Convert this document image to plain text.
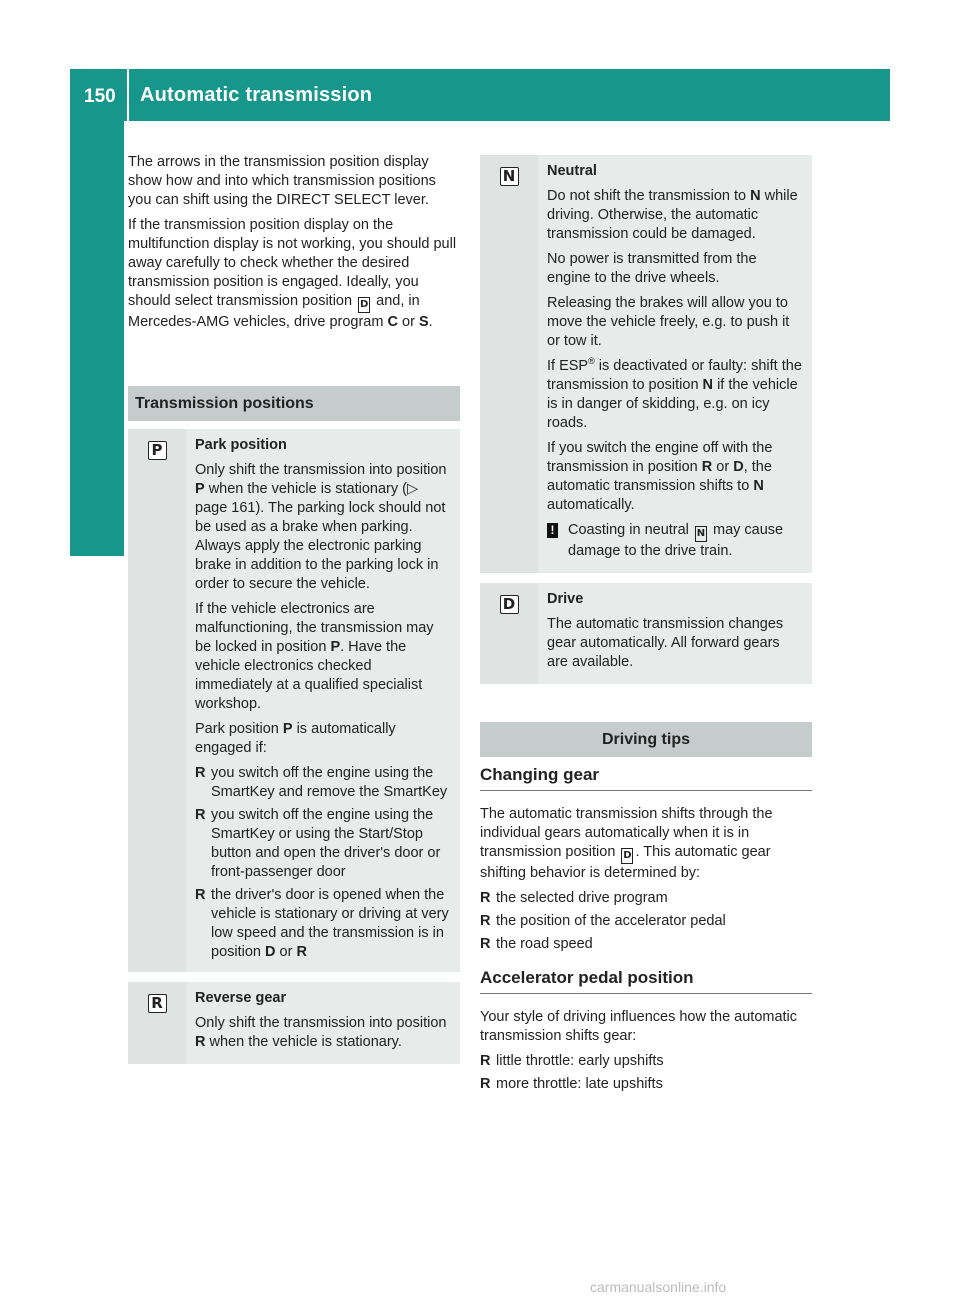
150 Automatic transmission
Driving and parking

The arrows in the transmission position display show how and into which transmission positions you can shift using the DIRECT SELECT lever.

If the transmission position display on the multifunction display is not working, you should pull away carefully to check whether the desired transmission position is engaged. Ideally, you should select transmission position D and, in Mercedes-AMG vehicles, drive program C or S.

Transmission positions
P	Park position

Only shift the transmission into position P when the vehicle is stationary (▷ page 161). The parking lock should not be used as a brake when parking. Always apply the electronic parking brake in addition to the parking lock in order to secure the vehicle.

If the vehicle electronics are malfunctioning, the transmission may be locked in position P. Have the vehicle electronics checked immediately at a qualified specialist workshop.

Park position P is automatically engaged if:

R you switch off the engine using the SmartKey and remove the SmartKey
R you switch off the engine using the SmartKey or using the Start/Stop button and open the driver's door or front-passenger door
R the driver's door is opened when the vehicle is stationary or driving at very low speed and the transmission is in position D or R
R	Reverse gear

Only shift the transmission into position R when the vehicle is stationary.

N	Neutral

Do not shift the transmission to N while driving. Otherwise, the automatic transmission could be damaged.

No power is transmitted from the engine to the drive wheels.

Releasing the brakes will allow you to move the vehicle freely, e.g. to push it or tow it.

If ESP® is deactivated or faulty: shift the transmission to position N if the vehicle is in danger of skidding, e.g. on icy roads.

If you switch the engine off with the transmission in position R or D, the automatic transmission shifts to N automatically.

! Coasting in neutral N may cause damage to the drive train.
D	Drive

The automatic transmission changes gear automatically. All forward gears are available.

Driving tips
Changing gear

The automatic transmission shifts through the individual gears automatically when it is in transmission position D . This automatic gear shifting behavior is determined by:

R the selected drive program
R the position of the accelerator pedal
R the road speed
Accelerator pedal position

Your style of driving influences how the automatic transmission shifts gear:

R little throttle: early upshifts
R more throttle: late upshifts
carmanualsonline.info
